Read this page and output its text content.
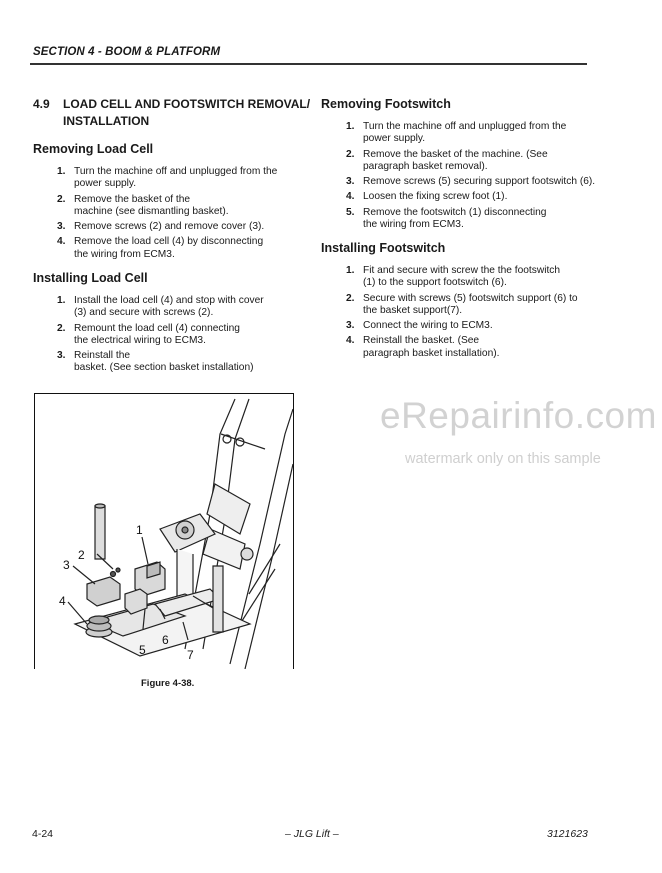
SECTION 4 - BOOM & PLATFORM
4.9 LOAD CELL AND FOOTSWITCH REMOVAL/
INSTALLATION
Removing Load Cell
1. Turn the machine off and unplugged from the
power supply.
2. Remove the basket of the
machine (see dismantling basket).
3. Remove screws (2) and remove cover (3).
4. Remove the load cell (4) by disconnecting
the wiring from ECM3.
Installing Load Cell
1. Install the load cell (4) and stop with cover
(3) and secure with screws (2).
2. Remount the load cell (4) connecting
the electrical wiring to ECM3.
3. Reinstall the
basket. (See section basket installation)
Removing Footswitch
1. Turn the machine off and unplugged from the
power supply.
2. Remove the basket of the machine. (See
paragraph basket removal).
3. Remove screws (5) securing support footswitch (6).
4. Loosen the fixing screw foot (1).
5. Remove the footswitch (1) disconnecting
the wiring from ECM3.
Installing Footswitch
1. Fit and secure with screw the the footswitch
(1) to the support footswitch (6).
2. Secure with screws (5) footswitch support (6) to
the basket support(7).
3. Connect the wiring to ECM3.
4. Reinstall the basket. (See
paragraph basket installation).
eRepairinfo.com
watermark only on this sample
1
2
3
4
5
6
7
Figure 4-38.
4-24	– JLG Lift –	3121623
